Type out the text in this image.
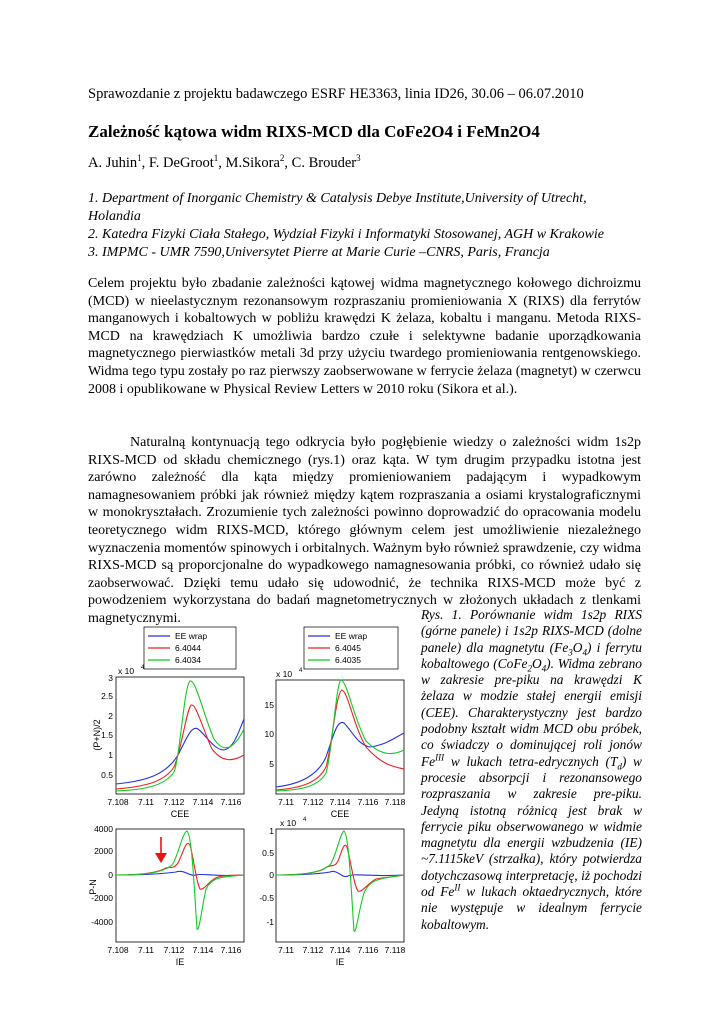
Sprawozdanie z projektu badawczego ESRF HE3363, linia ID26, 30.06 – 06.07.2010
Zależność kątowa widm RIXS-MCD dla CoFe2O4 i FeMn2O4
A. Juhin$^1$, F. DeGroot$^1$, M.Sikora$^2$, C. Brouder$^3$
1. Department of Inorganic Chemistry & Catalysis Debye Institute,University of Utrecht, Holandia
2. Katedra Fizyki Ciała Stałego, Wydział Fizyki i Informatyki Stosowanej, AGH w Krakowie
3. IMPMC - UMR 7590,Universytet Pierre at Marie Curie –CNRS, Paris, Francja
Celem projektu było zbadanie zależności kątowej widma magnetycznego kołowego dichroizmu (MCD) w nieelastycznym rezonansowym rozpraszaniu promieniowania X (RIXS) dla ferrytów manganowych i kobaltowych w pobliżu krawędzi K żelaza, kobaltu i manganu. Metoda RIXS-MCD na krawędziach K umożliwia bardzo czułe i selektywne badanie uporządkowania magnetycznego pierwiastków metali 3d przy użyciu twardego promieniowania rentgenowskiego. Widma tego typu zostały po raz pierwszy zaobserwowane w ferrycie żelaza (magnetyt) w czerwcu 2008 i opublikowane w Physical Review Letters w 2010 roku (Sikora et al.).
Naturalną kontynuacją tego odkrycia było pogłębienie wiedzy o zależności widm 1s2p RIXS-MCD od składu chemicznego (rys.1) oraz kąta. W tym drugim przypadku istotna jest zarówno zależność dla kąta między promieniowaniem padającym i wypadkowym namagnesowaniem próbki jak również między kątem rozpraszania a osiami krystalograficznymi w monokryształach. Zrozumienie tych zależności powinno doprowadzić do opracowania modelu teoretycznego widm RIXS-MCD, którego głównym celem jest umożliwienie niezależnego wyznaczenia momentów spinowych i orbitalnych. Ważnym było również sprawdzenie, czy widma RIXS-MCD są proporcjonalne do wypadkowego namagnesowania próbki, co również udało się zaobserwować. Dzięki temu udało się udowodnić, że technika RIXS-MCD może być z powodzeniem wykorzystana do badań magnetometrycznych w złożonych układach z tlenkami magnetycznymi.
3
2.5
2
1.5
1
0.5
x 10 4
(P+N)/2
7.108 7.11 7.112 7.114 7.116
CEE
EE wrap
6.4044
6.4034
15
10
5
x 10 4
7.11 7.112 7.114 7.116 7.118
CEE
EE wrap
6.4045
6.4035
4000
2000
0
-2000
-4000
P-N
7.108 7.11 7.112 7.114 7.116
IE
1
0.5
0
-0.5
-1
x 10 4
7.11 7.112 7.114 7.116 7.118
IE
Rys. 1. Porównanie widm 1s2p RIXS (górne panele) i 1s2p RIXS-MCD (dolne panele) dla magnetytu $(Fe_3O_4)$ i ferrytu kobaltowego $(CoFe_2O_4)$. Widma zebrano w zakresie pre-piku na krawędzi K żelaza w modzie stałej energii emisji (CEE). Charakterystyczny jest bardzo podobny kształt widm MCD obu próbek, co świadczy o dominującej roli jonów $Fe^{III}$ w lukach tetra-edrycznych $(T_d)$ w procesie absorpcji i rezonansowego rozpraszania w zakresie pre-piku. Jedyną istotną różnicą jest brak w ferrycie piku obserwowanego w widmie magnetytu dla energii wzbudzenia (IE) ~7.1115keV (strzałka), który potwierdza dotychczasową interpretację, iż pochodzi od $Fe^{II}$ w lukach oktaedrycznych, które nie występuje w idealnym ferrycie kobaltowym.
